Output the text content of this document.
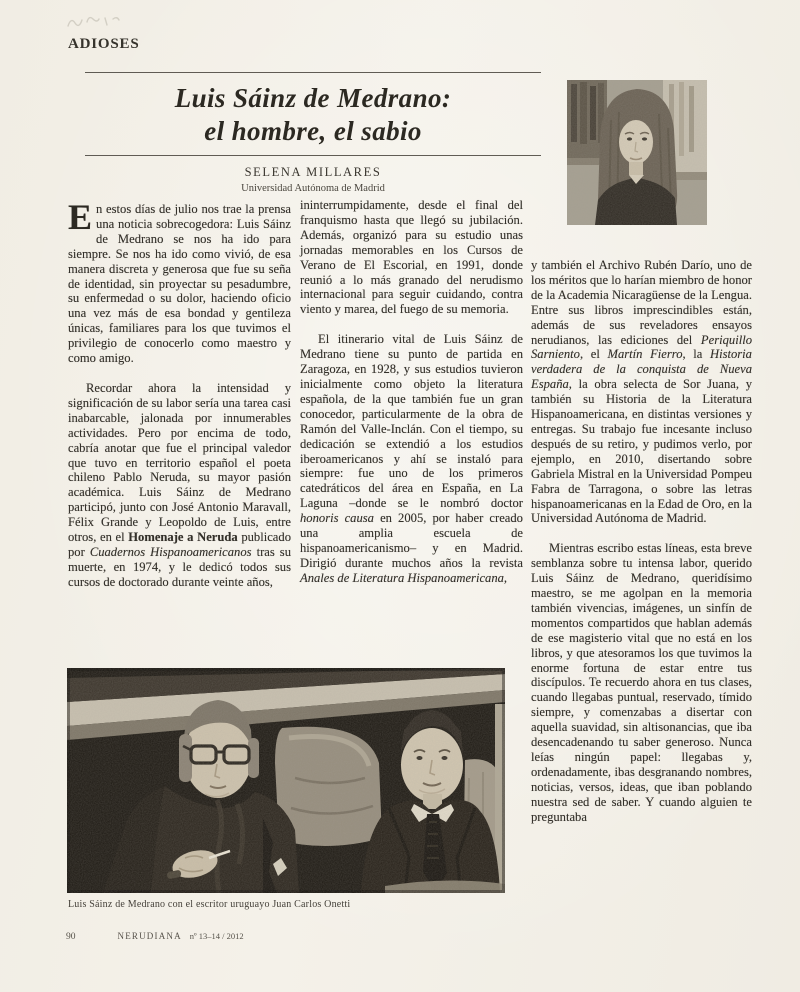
ADIOSES
Luis Sáinz de Medrano:
el hombre, el sabio
SELENA MILLARES
Universidad Autónoma de Madrid

En estos días de julio nos trae la prensa una noticia sobrecogedora: Luis Sáinz de Medrano se nos ha ido para siempre. Se nos ha ido como vivió, de esa manera discreta y generosa que fue su seña de identidad, sin proyectar su pesadumbre, su enfermedad o su dolor, haciendo oficio una vez más de esa bondad y gentileza únicas, familiares para los que tuvimos el privilegio de conocerlo como maestro y como amigo.

Recordar ahora la intensidad y significación de su labor sería una tarea casi inabarcable, jalonada por innumerables actividades. Pero por encima de todo, cabría anotar que fue el principal valedor que tuvo en territorio español el poeta chileno Pablo Neruda, su mayor pasión académica. Luis Sáinz de Medrano participó, junto con José Antonio Maravall, Félix Grande y Leopoldo de Luis, entre otros, en el Homenaje a Neruda publicado por Cuadernos Hispanoamericanos tras su muerte, en 1974, y le dedicó todos sus cursos de doctorado durante veinte años,

ininterrumpidamente, desde el final del franquismo hasta que llegó su jubilación. Además, organizó para su estudio unas jornadas memorables en los Cursos de Verano de El Escorial, en 1991, donde reunió a lo más granado del nerudismo internacional para seguir cuidando, contra viento y marea, del fuego de su memoria.

El itinerario vital de Luis Sáinz de Medrano tiene su punto de partida en Zaragoza, en 1928, y sus estudios tuvieron inicialmente como objeto la literatura española, de la que también fue un gran conocedor, particularmente de la obra de Ramón del Valle-Inclán. Con el tiempo, su dedicación se extendió a los estudios iberoamericanos y ahí se instaló para siempre: fue uno de los primeros catedráticos del área en España, en La Laguna –donde se le nombró doctor honoris causa en 2005, por haber creado una amplia escuela de hispanoamericanismo– y en Madrid. Dirigió durante muchos años la revista Anales de Literatura Hispanoamericana,

y también el Archivo Rubén Darío, uno de los méritos que lo harían miembro de honor de la Academia Nicaragüense de la Lengua. Entre sus libros imprescindibles están, además de sus reveladores ensayos nerudianos, las ediciones del Periquillo Sarniento, el Martín Fierro, la Historia verdadera de la conquista de Nueva España, la obra selecta de Sor Juana, y también su Historia de la Literatura Hispanoamericana, en distintas versiones y entregas. Su trabajo fue incesante incluso después de su retiro, y pudimos verlo, por ejemplo, en 2010, disertando sobre Gabriela Mistral en la Universidad Pompeu Fabra de Tarragona, o sobre las letras hispanoamericanas en la Edad de Oro, en la Universidad Autónoma de Madrid.

Mientras escribo estas líneas, esta breve semblanza sobre tu intensa labor, querido Luis Sáinz de Medrano, queridísimo maestro, se me agolpan en la memoria también vivencias, imágenes, un sinfín de momentos compartidos que hablan además de ese magisterio vital que no está en los libros, y que atesoramos los que tuvimos la enorme fortuna de estar entre tus discípulos. Te recuerdo ahora en tus clases, cuando llegabas puntual, reservado, tímido siempre, y comenzabas a disertar con aquella suavidad, sin altisonancias, que iba desencadenando tu saber generoso. Nunca leías ningún papel: llegabas y, ordenadamente, ibas desgranando nombres, noticias, versos, ideas, que iban poblando nuestra sed de saber. Y cuando alguien te preguntaba

Luis Sáinz de Medrano con el escritor uruguayo Juan Carlos Onetti
90	NERUDIANA nº 13–14 / 2012
